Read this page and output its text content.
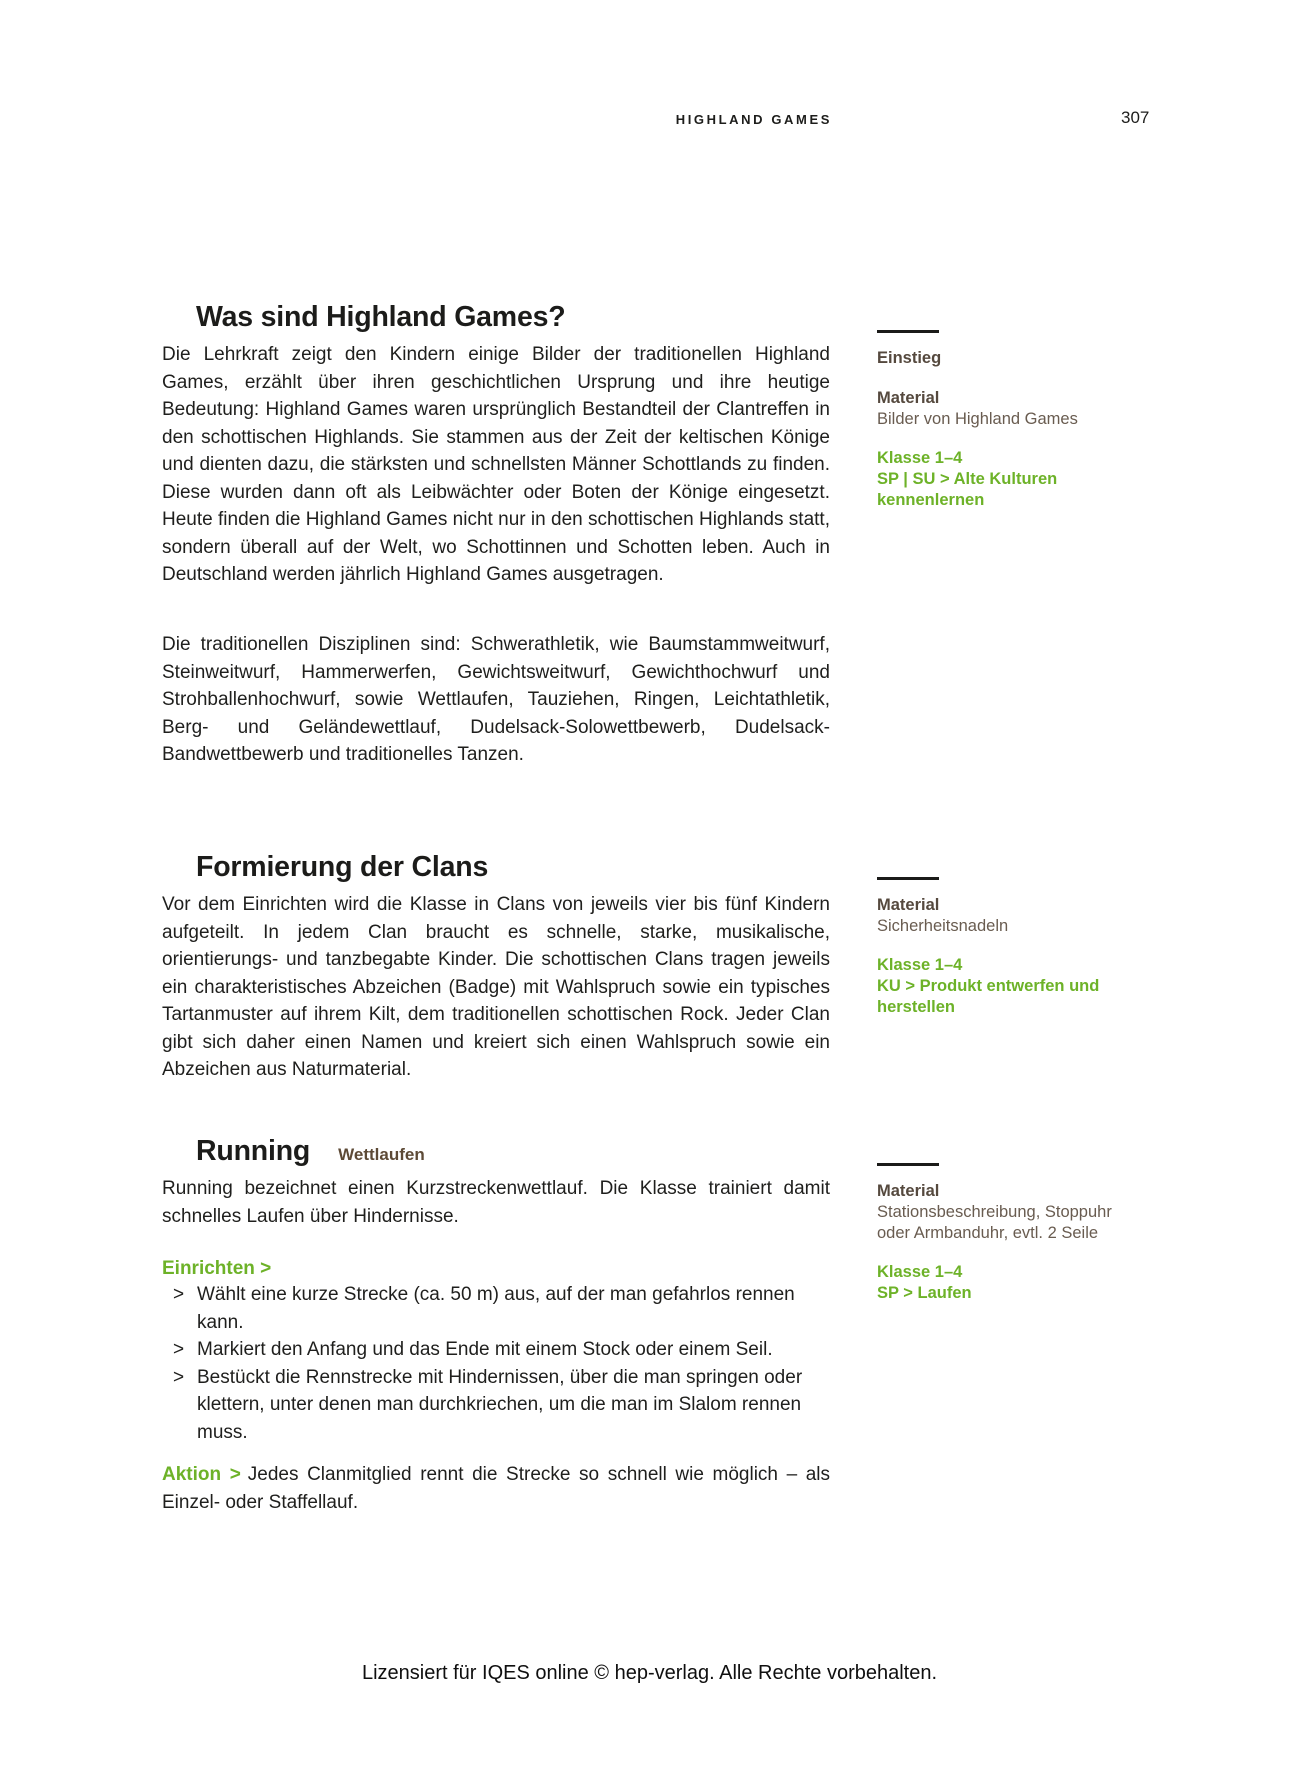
HIGHLAND GAMES	307
Was sind Highland Games?

Die Lehrkraft zeigt den Kindern einige Bilder der traditionellen Highland Games, erzählt über ihren geschichtlichen Ursprung und ihre heutige Bedeutung: Highland Games waren ursprünglich Bestandteil der Clantreffen in den schottischen Highlands. Sie stammen aus der Zeit der keltischen Könige und dienten dazu, die stärksten und schnellsten Männer Schottlands zu finden. Diese wurden dann oft als Leibwächter oder Boten der Könige eingesetzt. Heute finden die Highland Games nicht nur in den schottischen Highlands statt, sondern überall auf der Welt, wo Schottinnen und Schotten leben. Auch in Deutschland werden jährlich Highland Games ausgetragen.

Die traditionellen Disziplinen sind: Schwerathletik, wie Baumstammweitwurf, Steinweitwurf, Hammerwerfen, Gewichtsweitwurf, Gewichthochwurf und Strohballenhochwurf, sowie Wettlaufen, Tauziehen, Ringen, Leichtathletik, Berg- und Geländewettlauf, Dudelsack-Solowettbewerb, Dudelsack-Bandwettbewerb und traditionelles Tanzen.

Einstieg
Material
Bilder von Highland Games
Klasse 1–4
SP | SU > Alte Kulturen kennenlernen
Formierung der Clans

Vor dem Einrichten wird die Klasse in Clans von jeweils vier bis fünf Kindern aufgeteilt. In jedem Clan braucht es schnelle, starke, musikalische, orientierungs- und tanzbegabte Kinder. Die schottischen Clans tragen jeweils ein charakteristisches Abzeichen (Badge) mit Wahlspruch sowie ein typisches Tartanmuster auf ihrem Kilt, dem traditionellen schottischen Rock. Jeder Clan gibt sich daher einen Namen und kreiert sich einen Wahlspruch sowie ein Abzeichen aus Naturmaterial.

Material
Sicherheitsnadeln
Klasse 1–4
KU > Produkt entwerfen und herstellen
Running Wettlaufen

Running bezeichnet einen Kurzstreckenwettlauf. Die Klasse trainiert damit schnelles Laufen über Hindernisse.

Einrichten >

> Wählt eine kurze Strecke (ca. 50 m) aus, auf der man gefahrlos rennen kann.
> Markiert den Anfang und das Ende mit einem Stock oder einem Seil.
> Bestückt die Rennstrecke mit Hindernissen, über die man springen oder klettern, unter denen man durchkriechen, um die man im Slalom rennen muss.

Aktion > Jedes Clanmitglied rennt die Strecke so schnell wie möglich – als Einzel- oder Staffellauf.

Material
Stationsbeschreibung, Stoppuhr oder Armbanduhr, evtl. 2 Seile
Klasse 1–4
SP > Laufen
Lizensiert für IQES online © hep-verlag. Alle Rechte vorbehalten.
